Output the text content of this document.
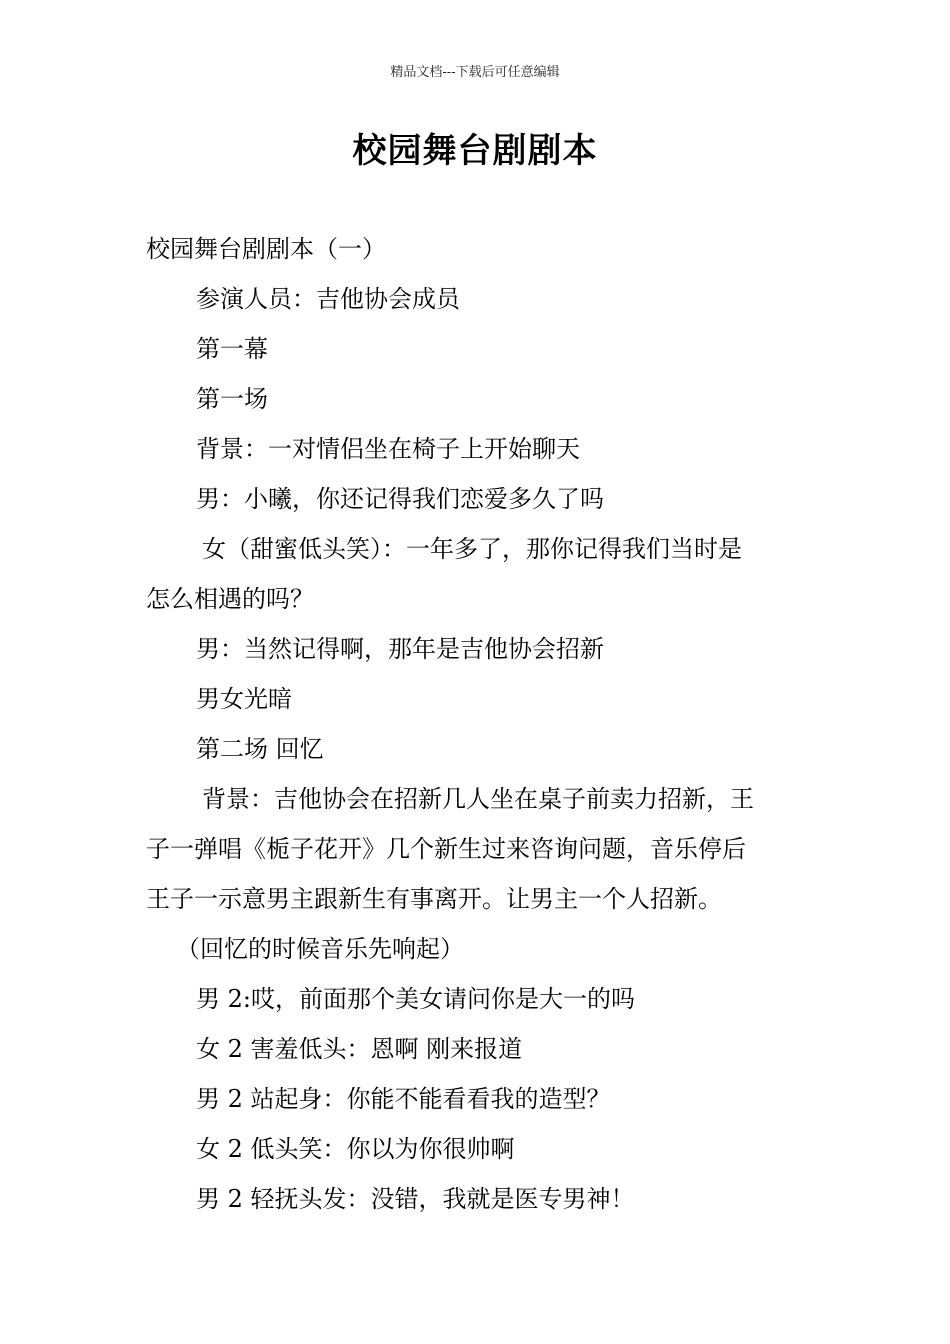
精品文档---下载后可任意编辑
校园舞台剧剧本
校园舞台剧剧本（一）
参演人员：吉他协会成员
第一幕
第一场
背景：一对情侣坐在椅子上开始聊天
男：小曦，你还记得我们恋爱多久了吗
女（甜蜜低头笑）：一年多了，那你记得我们当时是
怎么相遇的吗？
男：当然记得啊，那年是吉他协会招新
男女光暗
第二场 回忆
背景：吉他协会在招新几人坐在桌子前卖力招新，王
子一弹唱《栀子花开》几个新生过来咨询问题，音乐停后
王子一示意男主跟新生有事离开。让男主一个人招新。
（回忆的时候音乐先响起）
男 2:哎，前面那个美女请问你是大一的吗
女 2 害羞低头：恩啊 刚来报道
男 2 站起身：你能不能看看我的造型？
女 2 低头笑：你以为你很帅啊
男 2 轻抚头发：没错，我就是医专男神！
